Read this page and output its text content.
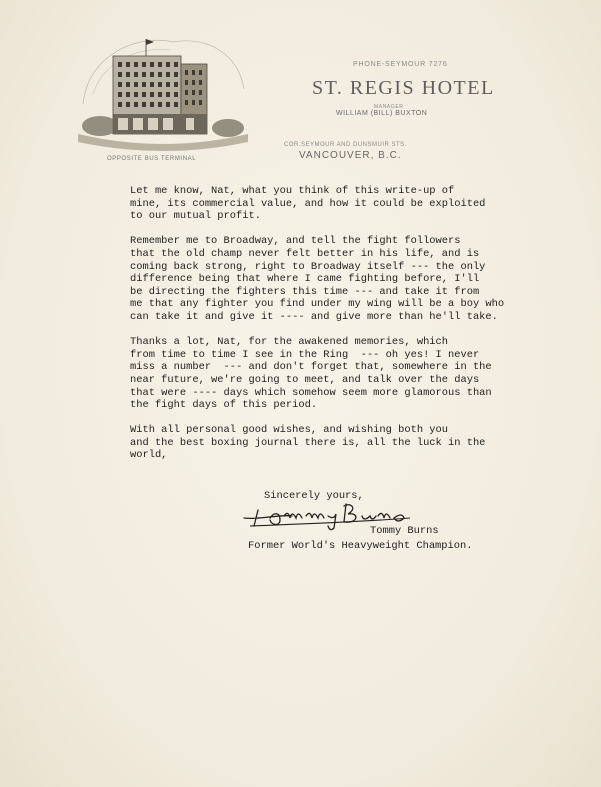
OPPOSITE BUS TERMINAL
PHONE-SEYMOUR 7276
ST. REGIS HOTEL
MANAGER
WILLIAM (BILL) BUXTON
COR.SEYMOUR AND DUNSMUIR STS.
VANCOUVER, B.C.

Let me know, Nat, what you think of this write-up of
mine, its commercial value, and how it could be exploited
to our mutual profit.

Remember me to Broadway, and tell the fight followers
that the old champ never felt better in his life, and is
coming back strong, right to Broadway itself --- the only
difference being that where I came fighting before, I'll
be directing the fighters this time --- and take it from
me that any fighter you find under my wing will be a boy who
can take it and give it ---- and give more than he'll take.

Thanks a lot, Nat, for the awakened memories, which
from time to time I see in the Ring  --- oh yes! I never
miss a number  --- and don't forget that, somewhere in the
near future, we're going to meet, and talk over the days
that were ---- days which somehow seem more glamorous than
the fight days of this period.

With all personal good wishes, and wishing both you
and the best boxing journal there is, all the luck in the
world,

Sincerely yours,
Tommy Burns
Former World's Heavyweight Champion.
